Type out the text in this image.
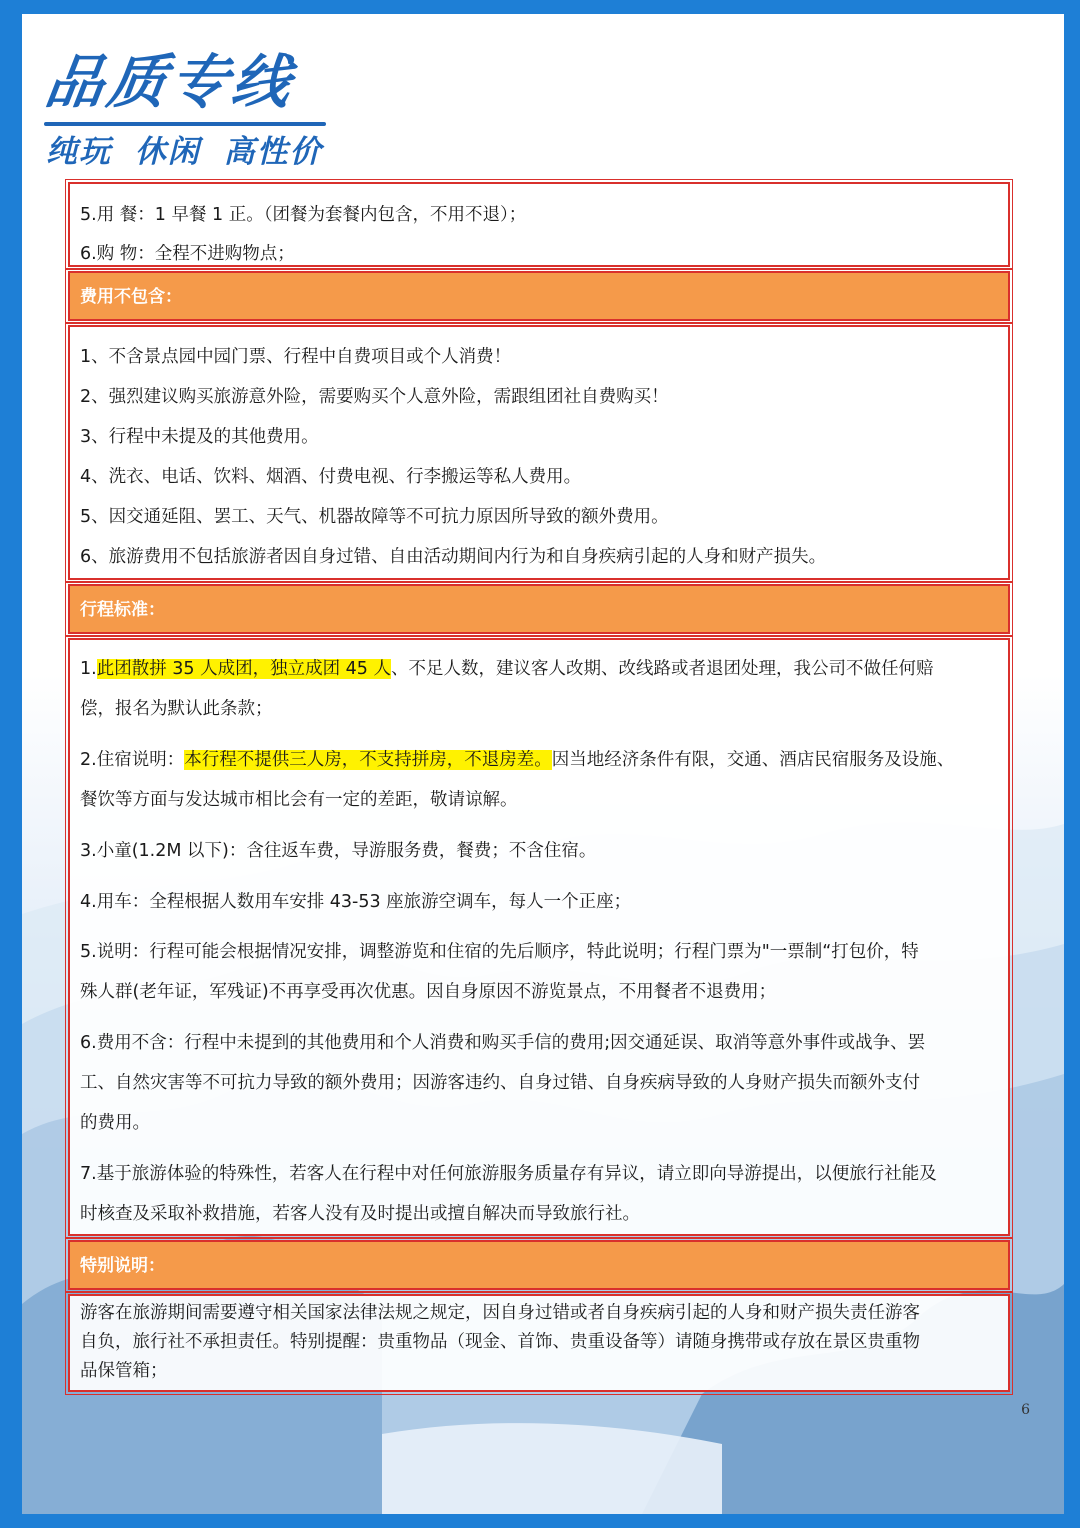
品质专线
纯玩 休闲 高性价
5.用 餐：1 早餐 1 正。（团餐为套餐内包含，不用不退）；
6.购 物：全程不进购物点；
费用不包含：
1、不含景点园中园门票、行程中自费项目或个人消费！
2、强烈建议购买旅游意外险，需要购买个人意外险，需跟组团社自费购买！
3、行程中未提及的其他费用。
4、洗衣、电话、饮料、烟酒、付费电视、行李搬运等私人费用。
5、因交通延阻、罢工、天气、机器故障等不可抗力原因所导致的额外费用。
6、旅游费用不包括旅游者因自身过错、自由活动期间内行为和自身疾病引起的人身和财产损失。
行程标准：
1.此团散拼 35 人成团，独立成团 45 人、不足人数，建议客人改期、改线路或者退团处理，我公司不做任何赔
偿，报名为默认此条款；
2.住宿说明：本行程不提供三人房，不支持拼房，不退房差。因当地经济条件有限，交通、酒店民宿服务及设施、
餐饮等方面与发达城市相比会有一定的差距，敬请谅解。
3.小童(1.2M 以下)：含往返车费，导游服务费，餐费；不含住宿。
4.用车：全程根据人数用车安排 43-53 座旅游空调车，每人一个正座；
5.说明：行程可能会根据情况安排，调整游览和住宿的先后顺序，特此说明；行程门票为"一票制“打包价，特
殊人群(老年证，军残证)不再享受再次优惠。因自身原因不游览景点，不用餐者不退费用；
6.费用不含：行程中未提到的其他费用和个人消费和购买手信的费用;因交通延误、取消等意外事件或战争、罢
工、自然灾害等不可抗力导致的额外费用；因游客违约、自身过错、自身疾病导致的人身财产损失而额外支付
的费用。
7.基于旅游体验的特殊性，若客人在行程中对任何旅游服务质量存有异议，请立即向导游提出，以便旅行社能及
时核查及采取补救措施，若客人没有及时提出或擅自解决而导致旅行社。
特别说明：
游客在旅游期间需要遵守相关国家法律法规之规定，因自身过错或者自身疾病引起的人身和财产损失责任游客
自负，旅行社不承担责任。特别提醒：贵重物品（现金、首饰、贵重设备等）请随身携带或存放在景区贵重物
品保管箱；
6
